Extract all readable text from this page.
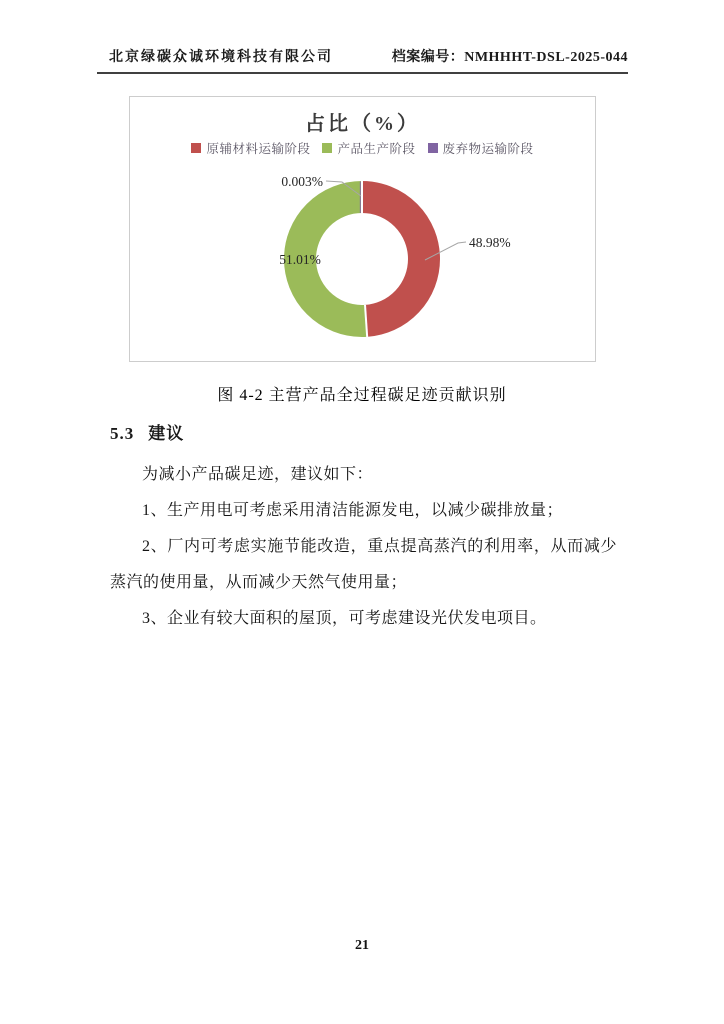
北京绿碳众诚环境科技有限公司	档案编号：NMHHHT-DSL-2025-044
0.003%
48.98%
51.01%
占比（%）
原辅材料运输阶段 产品生产阶段 废弃物运输阶段
图 4-2 主营产品全过程碳足迹贡献识别
5.3 建议

为减小产品碳足迹，建议如下：

1、生产用电可考虑采用清洁能源发电，以减少碳排放量；

2、厂内可考虑实施节能改造，重点提高蒸汽的利用率，从而减少蒸汽的使用量，从而减少天然气使用量；

3、企业有较大面积的屋顶，可考虑建设光伏发电项目。

21
